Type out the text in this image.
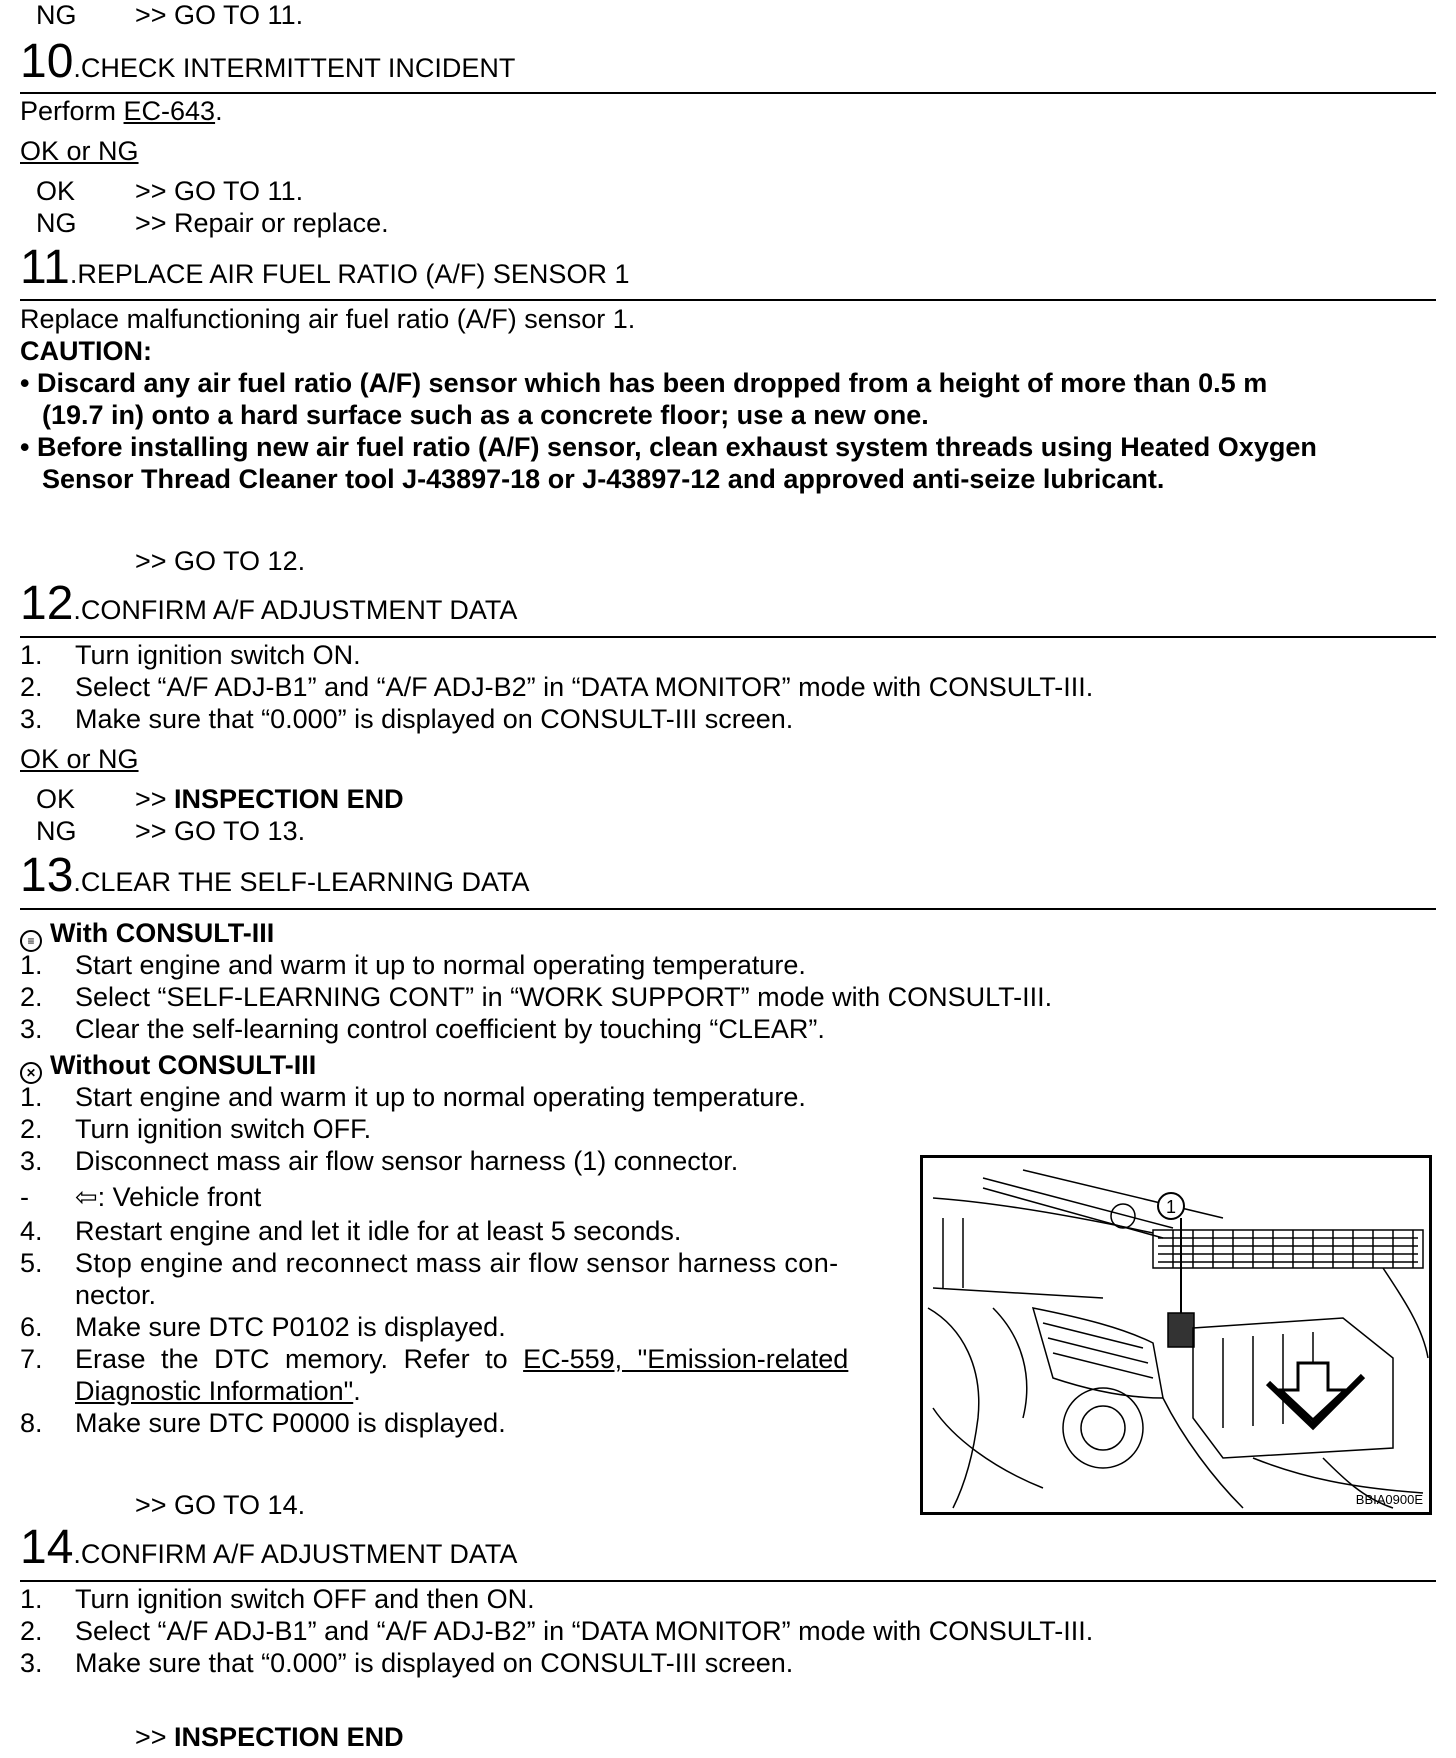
NG >> GO TO 11.
10.CHECK INTERMITTENT INCIDENT
Perform EC-643.
OK or NG
OK >> GO TO 11.
NG >> Repair or replace.
11.REPLACE AIR FUEL RATIO (A/F) SENSOR 1
Replace malfunctioning air fuel ratio (A/F) sensor 1.
CAUTION:
• Discard any air fuel ratio (A/F) sensor which has been dropped from a height of more than 0.5 m
(19.7 in) onto a hard surface such as a concrete floor; use a new one.
• Before installing new air fuel ratio (A/F) sensor, clean exhaust system threads using Heated Oxygen
Sensor Thread Cleaner tool J-43897-18 or J-43897-12 and approved anti-seize lubricant.
>> GO TO 12.
12.CONFIRM A/F ADJUSTMENT DATA
1. Turn ignition switch ON.
2. Select “A/F ADJ-B1” and “A/F ADJ-B2” in “DATA MONITOR” mode with CONSULT-III.
3. Make sure that “0.000” is displayed on CONSULT-III screen.
OK or NG
OK >> INSPECTION END
NG >> GO TO 13.
13.CLEAR THE SELF-LEARNING DATA
≡ With CONSULT-III
1. Start engine and warm it up to normal operating temperature.
2. Select “SELF-LEARNING CONT” in “WORK SUPPORT” mode with CONSULT-III.
3. Clear the self-learning control coefficient by touching “CLEAR”.
✕ Without CONSULT-III
1. Start engine and warm it up to normal operating temperature.
2. Turn ignition switch OFF.
3. Disconnect mass air flow sensor harness (1) connector.
- ⇦: Vehicle front
4. Restart engine and let it idle for at least 5 seconds.
5. Stop engine and reconnect mass air flow sensor harness con-
nector.
6. Make sure DTC P0102 is displayed.
7. Erase the DTC memory. Refer to EC-559, "Emission-related
Diagnostic Information".
8. Make sure DTC P0000 is displayed.
1
BBIA0900E
>> GO TO 14.
14.CONFIRM A/F ADJUSTMENT DATA
1. Turn ignition switch OFF and then ON.
2. Select “A/F ADJ-B1” and “A/F ADJ-B2” in “DATA MONITOR” mode with CONSULT-III.
3. Make sure that “0.000” is displayed on CONSULT-III screen.
>> INSPECTION END
